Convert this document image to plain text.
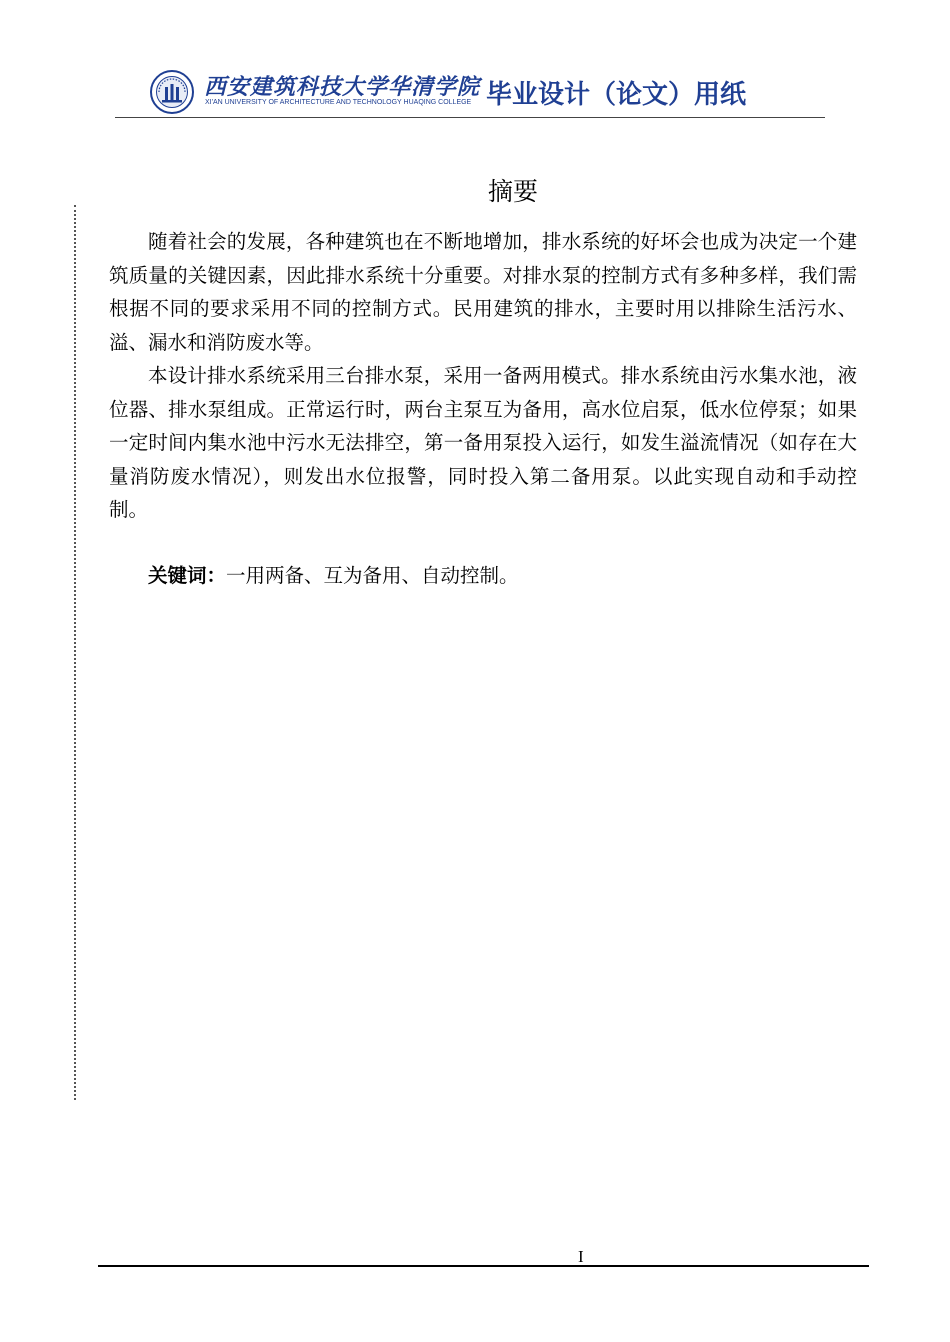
西安建筑科技大学华清学院
XI'AN UNIVERSITY OF ARCHITECTURE AND TECHNOLOGY HUAQING COLLEGE 毕业设计（论文）用纸
摘要

随着社会的发展，各种建筑也在不断地增加，排水系统的好坏会也成为决定一个建筑质量的关键因素，因此排水系统十分重要。对排水泵的控制方式有多种多样，我们需根据不同的要求采用不同的控制方式。民用建筑的排水，主要时用以排除生活污水、溢、漏水和消防废水等。

本设计排水系统采用三台排水泵，采用一备两用模式。排水系统由污水集水池，液位器、排水泵组成。正常运行时，两台主泵互为备用，高水位启泵，低水位停泵；如果一定时间内集水池中污水无法排空，第一备用泵投入运行，如发生溢流情况（如存在大量消防废水情况），则发出水位报警，同时投入第二备用泵。以此实现自动和手动控制。

关键词：一用两备、互为备用、自动控制。
I
